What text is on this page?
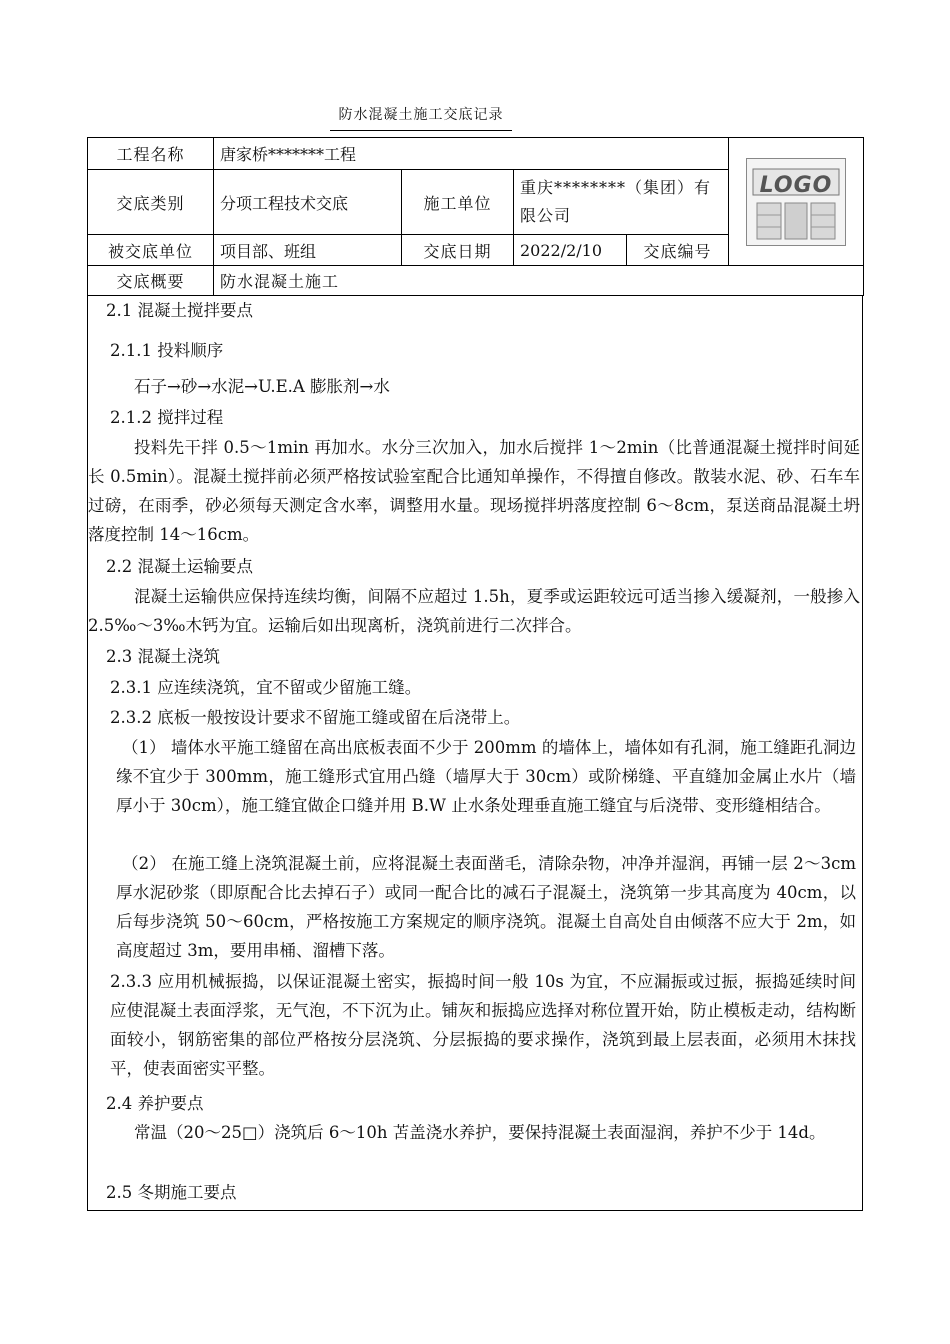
防水混凝土施工交底记录
工程名称	唐家桥*******工程				LOGO

交底类别	分项工程技术交底	施工单位	重庆********（集团）有限公司		
被交底单位	项目部、班组	交底日期	2022/2/10	交底编号	
交底概要	防水混凝土施工				
2.1 混凝土搅拌要点
2.1.1 投料顺序
石子→砂→水泥→U.E.A 膨胀剂→水
2.1.2 搅拌过程
投料先干拌 0.5～1min 再加水。水分三次加入，加水后搅拌 1～2min（比普通混凝土搅拌时间延长 0.5min）。混凝土搅拌前必须严格按试验室配合比通知单操作，不得擅自修改。散装水泥、砂、石车车过磅，在雨季，砂必须每天测定含水率，调整用水量。现场搅拌坍落度控制 6～8cm，泵送商品混凝土坍落度控制 14～16cm。
2.2 混凝土运输要点
混凝土运输供应保持连续均衡，间隔不应超过 1.5h，夏季或运距较远可适当掺入缓凝剂，一般掺入 2.5‰～3‰木钙为宜。运输后如出现离析，浇筑前进行二次拌合。
2.3 混凝土浇筑
2.3.1 应连续浇筑，宜不留或少留施工缝。
2.3.2 底板一般按设计要求不留施工缝或留在后浇带上。
（1） 墙体水平施工缝留在高出底板表面不少于 200mm 的墙体上，墙体如有孔洞，施工缝距孔洞边缘不宜少于 300mm，施工缝形式宜用凸缝（墙厚大于 30cm）或阶梯缝、平直缝加金属止水片（墙厚小于 30cm），施工缝宜做企口缝并用 B.W 止水条处理垂直施工缝宜与后浇带、变形缝相结合。
（2） 在施工缝上浇筑混凝土前，应将混凝土表面凿毛，清除杂物，冲净并湿润，再铺一层 2～3cm 厚水泥砂浆（即原配合比去掉石子）或同一配合比的减石子混凝土，浇筑第一步其高度为 40cm，以后每步浇筑 50～60cm，严格按施工方案规定的顺序浇筑。混凝土自高处自由倾落不应大于 2m，如高度超过 3m，要用串桶、溜槽下落。
2.3.3 应用机械振捣，以保证混凝土密实，振捣时间一般 10s 为宜，不应漏振或过振，振捣延续时间应使混凝土表面浮浆，无气泡，不下沉为止。铺灰和振捣应选择对称位置开始，防止模板走动，结构断面较小，钢筋密集的部位严格按分层浇筑、分层振捣的要求操作，浇筑到最上层表面，必须用木抹找平，使表面密实平整。
2.4 养护要点
常温（20～25□）浇筑后 6～10h 苫盖浇水养护，要保持混凝土表面湿润，养护不少于 14d。
2.5 冬期施工要点
